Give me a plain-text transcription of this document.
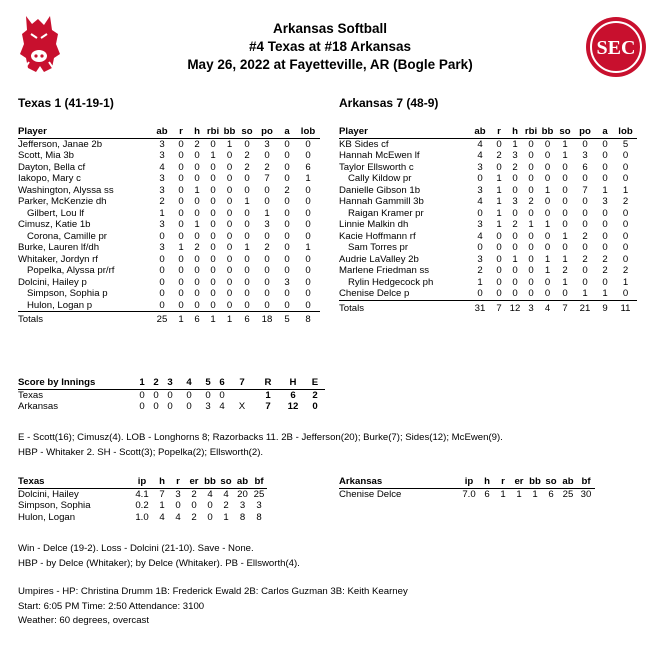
SEC
Arkansas Softball
#4 Texas at #18 Arkansas
May 26, 2022 at Fayetteville, AR (Bogle Park)
Texas 1 (41-19-1)	Arkansas 7 (48-9)
Player	ab	r	h	rbi	bb	so	po	a	lob
Jefferson, Janae 2b	3	0	2	0	1	0	3	0	0
Scott, Mia 3b	3	0	0	1	0	2	0	0	0
Dayton, Bella cf	4	0	0	0	0	2	2	0	6
Iakopo, Mary c	3	0	0	0	0	0	7	0	1
Washington, Alyssa ss	3	0	1	0	0	0	0	2	0
Parker, McKenzie dh	2	0	0	0	0	1	0	0	0
Gilbert, Lou lf	1	0	0	0	0	0	1	0	0
Cimusz, Katie 1b	3	0	1	0	0	0	3	0	0
Corona, Camille pr	0	0	0	0	0	0	0	0	0
Burke, Lauren lf/dh	3	1	2	0	0	1	2	0	1
Whitaker, Jordyn rf	0	0	0	0	0	0	0	0	0
Popelka, Alyssa pr/rf	0	0	0	0	0	0	0	0	0
Dolcini, Hailey p	0	0	0	0	0	0	0	3	0
Simpson, Sophia p	0	0	0	0	0	0	0	0	0
Hulon, Logan p	0	0	0	0	0	0	0	0	0
Totals	25	1	6	1	1	6	18	5	8
Player	ab	r	h	rbi	bb	so	po	a	lob
KB Sides cf	4	0	1	0	0	1	0	0	5
Hannah McEwen lf	4	2	3	0	0	1	3	0	0
Taylor Ellsworth c	3	0	2	0	0	0	6	0	0
Cally Kildow pr	0	1	0	0	0	0	0	0	0
Danielle Gibson 1b	3	1	0	0	1	0	7	1	1
Hannah Gammill 3b	4	1	3	2	0	0	0	3	2
Raigan Kramer pr	0	1	0	0	0	0	0	0	0
Linnie Malkin dh	3	1	2	1	1	0	0	0	0
Kacie Hoffmann rf	4	0	0	0	0	1	2	0	0
Sam Torres pr	0	0	0	0	0	0	0	0	0
Audrie LaValley 2b	3	0	1	0	1	1	2	2	0
Marlene Friedman ss	2	0	0	0	1	2	0	2	2
Rylin Hedgecock ph	1	0	0	0	0	1	0	0	1
Chenise Delce p	0	0	0	0	0	0	1	1	0
Totals	31	7	12	3	4	7	21	9	11
Score by Innings	1	2	3	4	5	6	7	R	H	E
Texas	0	0	0	0	0	0		1	6	2
Arkansas	0	0	0	0	3	4	X	7	12	0
E - Scott(16); Cimusz(4). LOB - Longhorns 8; Razorbacks 11. 2B - Jefferson(20); Burke(7); Sides(12); McEwen(9).
HBP - Whitaker 2. SH - Scott(3); Popelka(2); Ellsworth(2).
Texas	ip	h	r	er	bb	so	ab	bf
Dolcini, Hailey	4.1	7	3	2	4	4	20	25
Simpson, Sophia	0.2	1	0	0	0	2	3	3
Hulon, Logan	1.0	4	4	2	0	1	8	8
Arkansas	ip	h	r	er	bb	so	ab	bf
Chenise Delce	7.0	6	1	1	1	6	25	30
Win - Delce (19-2). Loss - Dolcini (21-10). Save - None.
HBP - by Delce (Whitaker); by Delce (Whitaker). PB - Ellsworth(4).
Umpires - HP: Christina Drumm 1B: Frederick Ewald 2B: Carlos Guzman 3B: Keith Kearney
Start: 6:05 PM Time: 2:50 Attendance: 3100
Weather: 60 degrees, overcast
